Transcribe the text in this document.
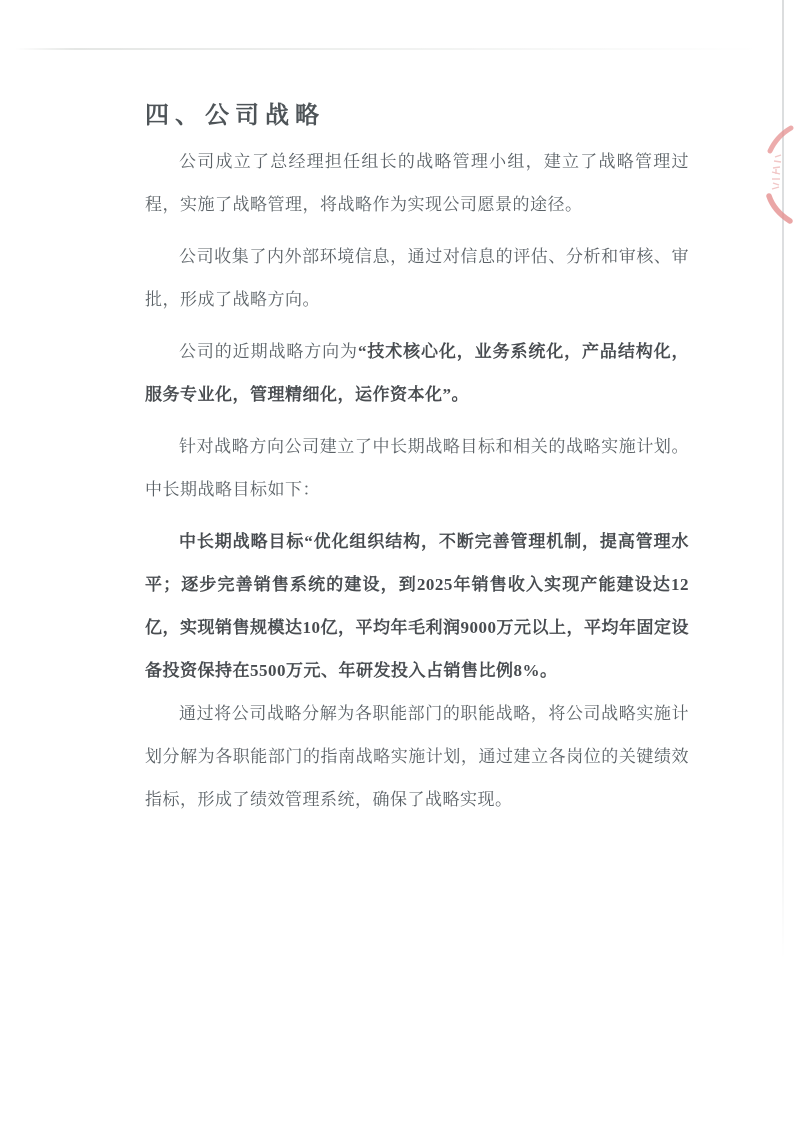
四、公司战略

公司成立了总经理担任组长的战略管理小组，建立了战略管理过程，实施了战略管理，将战略作为实现公司愿景的途径。

公司收集了内外部环境信息，通过对信息的评估、分析和审核、审批，形成了战略方向。

公司的近期战略方向为“技术核心化，业务系统化，产品结构化，服务专业化，管理精细化，运作资本化”。

针对战略方向公司建立了中长期战略目标和相关的战略实施计划。中长期战略目标如下：

中长期战略目标“优化组织结构，不断完善管理机制，提高管理水平；逐步完善销售系统的建设，到2025年销售收入实现产能建设达12亿，实现销售规模达10亿，平均年毛利润9000万元以上，平均年固定设备投资保持在5500万元、年研发投入占销售比例8%。

通过将公司战略分解为各职能部门的职能战略，将公司战略实施计划分解为各职能部门的指南战略实施计划，通过建立各岗位的关键绩效指标，形成了绩效管理系统，确保了战略实现。
